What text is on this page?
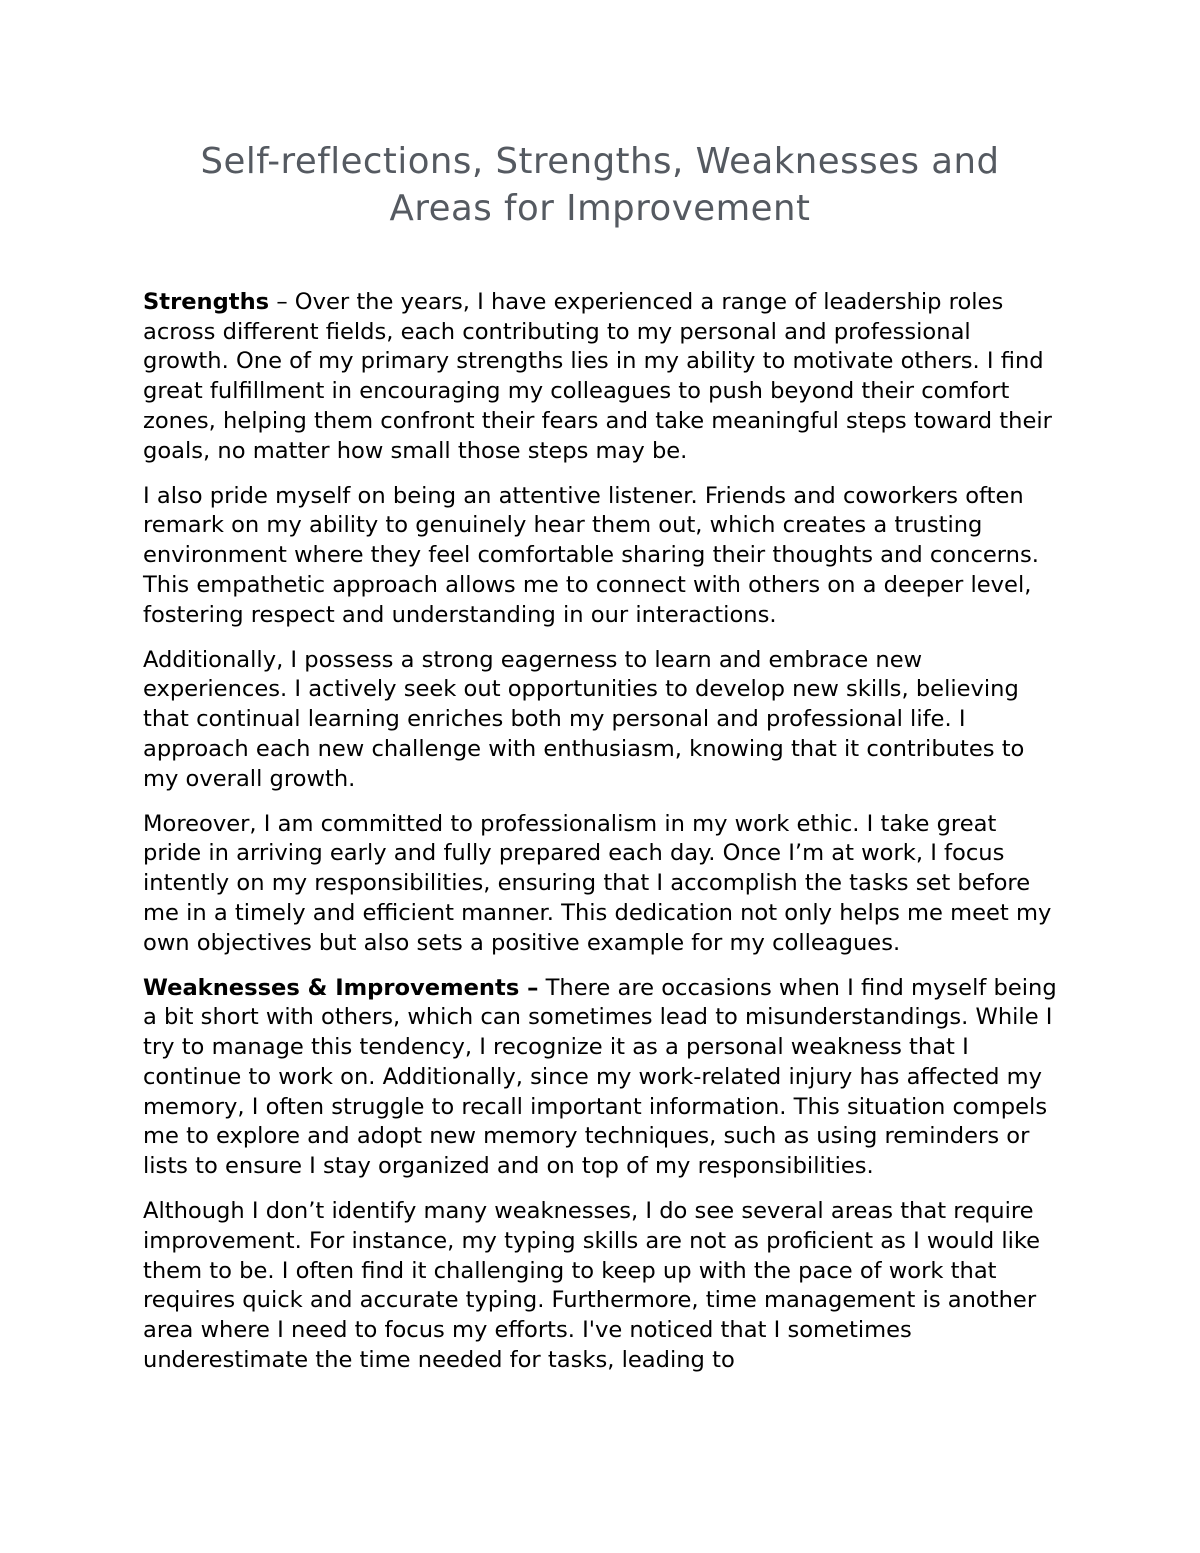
Self-reflections, Strengths, Weaknesses and
Areas for Improvement

Strengths – Over the years, I have experienced a range of leadership roles across different fields, each contributing to my personal and professional growth. One of my primary strengths lies in my ability to motivate others. I find great fulfillment in encouraging my colleagues to push beyond their comfort zones, helping them confront their fears and take meaningful steps toward their goals, no matter how small those steps may be.

I also pride myself on being an attentive listener. Friends and coworkers often remark on my ability to genuinely hear them out, which creates a trusting environment where they feel comfortable sharing their thoughts and concerns. This empathetic approach allows me to connect with others on a deeper level, fostering respect and understanding in our interactions.

Additionally, I possess a strong eagerness to learn and embrace new experiences. I actively seek out opportunities to develop new skills, believing that continual learning enriches both my personal and professional life. I approach each new challenge with enthusiasm, knowing that it contributes to my overall growth.

Moreover, I am committed to professionalism in my work ethic. I take great pride in arriving early and fully prepared each day. Once I’m at work, I focus intently on my responsibilities, ensuring that I accomplish the tasks set before me in a timely and efficient manner. This dedication not only helps me meet my own objectives but also sets a positive example for my colleagues.

Weaknesses & Improvements – There are occasions when I find myself being a bit short with others, which can sometimes lead to misunderstandings. While I try to manage this tendency, I recognize it as a personal weakness that I continue to work on. Additionally, since my work-related injury has affected my memory, I often struggle to recall important information. This situation compels me to explore and adopt new memory techniques, such as using reminders or lists to ensure I stay organized and on top of my responsibilities.

Although I don’t identify many weaknesses, I do see several areas that require improvement. For instance, my typing skills are not as proficient as I would like them to be. I often find it challenging to keep up with the pace of work that requires quick and accurate typing. Furthermore, time management is another area where I need to focus my efforts. I've noticed that I sometimes underestimate the time needed for tasks, leading to
